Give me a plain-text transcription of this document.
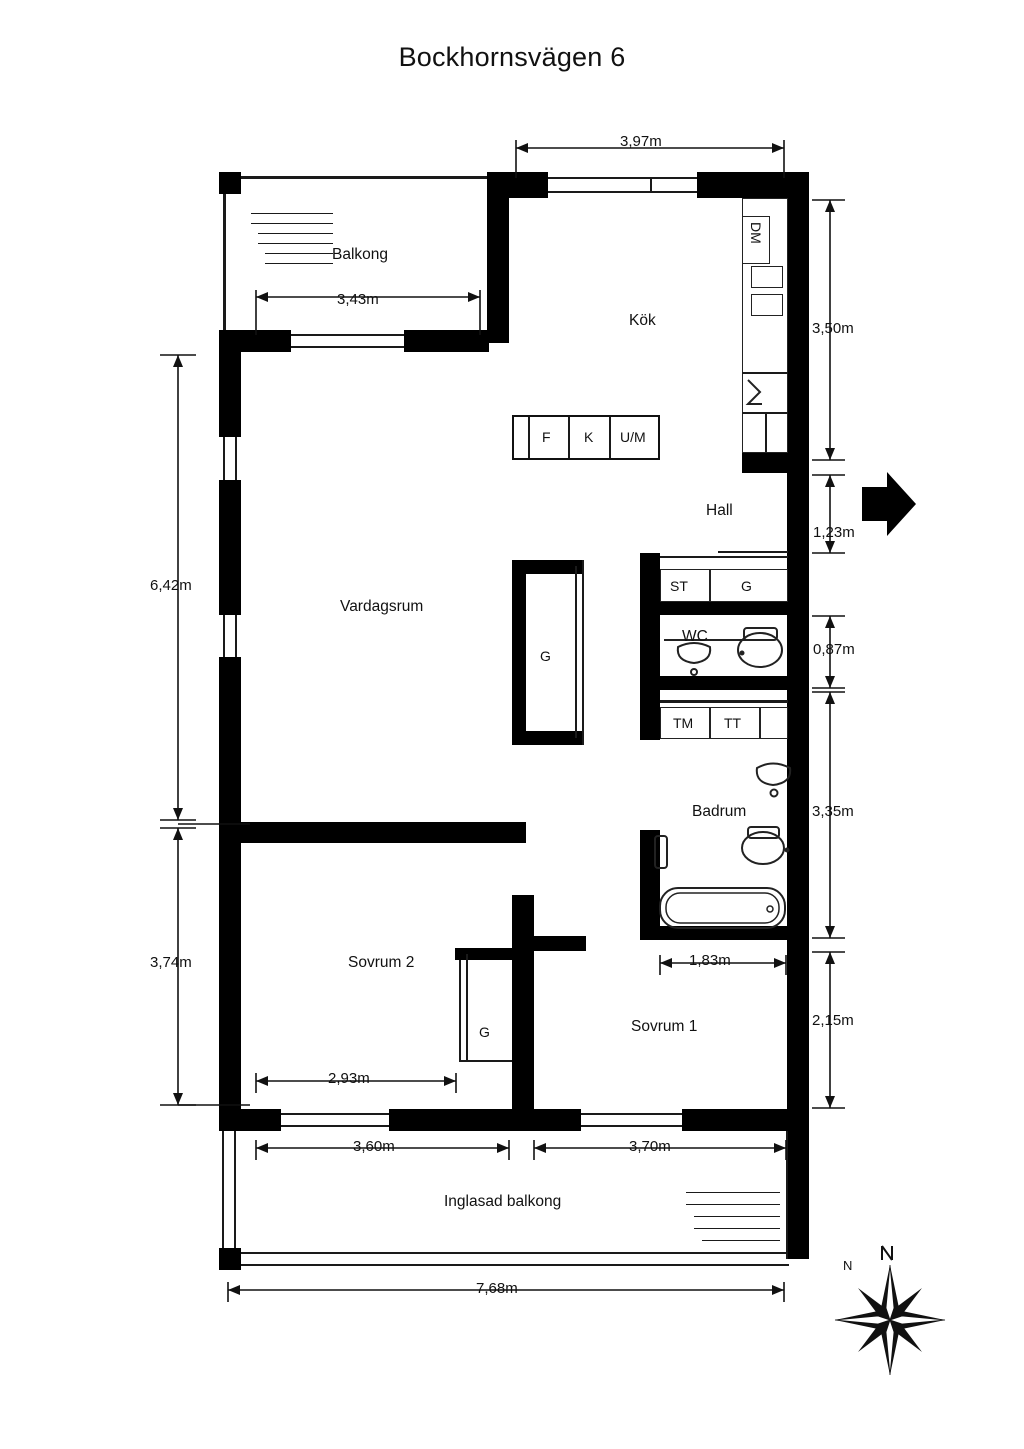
Bockhornsvägen 6
Balkong
Kök
Hall
Vardagsrum
WC
Badrum
Sovrum 2
Sovrum 1
Inglasad balkong
DM
F K U/M
ST	G
G
TM TT
G
3,97m
3,43m
3,50m
1,23m
0,87m
6,42m
3,35m
3,74m
2,15m
1,83m
2,93m
3,60m	3,70m
7,68m
N
